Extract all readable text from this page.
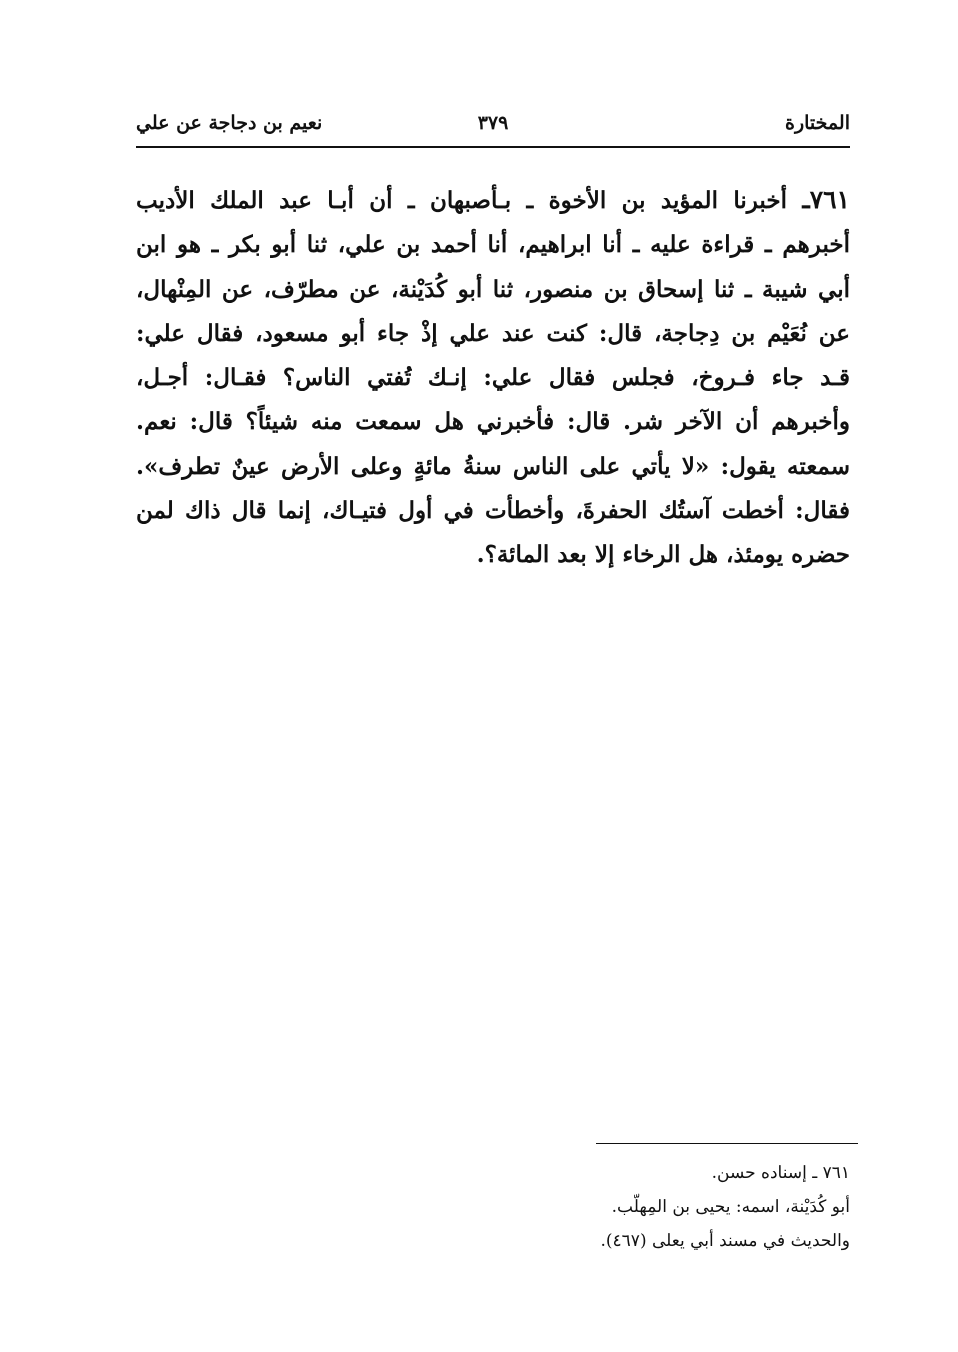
المختارة
٣٧٩
نعيم بن دجاجة عن علي
٧٦١ـ أخبرنا المؤيد بن الأخوة ـ بـأصبهان ـ أن أبـا عبد الملك الأديب
أخبرهم ـ قراءة عليه ـ أنا ابراهيم، أنا أحمد بن علي، ثنا أبو بكر ـ هو ابن
أبي شيبة ـ ثنا إسحاق بن منصور، ثنا أبو كُدَيْنة، عن مطرّف، عن المِنْهال،
عن نُعَيْم بن دِجاجة، قال: كنت عند علي إذْ جاء أبو مسعود، فقال علي:
قـد جاء فـروخ، فجلس فقال علي: إنـك تُفتي الناس؟ فقـال: أجـل،
وأخبرهم أن الآخر شر. قال: فأخبرني هل سمعت منه شيئاً؟ قال: نعم.
سمعته يقول: «لا يأتي على الناس سنةُ مائةٍ وعلى الأرض عينٌ تطرف».
فقال: أخطت آستُك الحفرةَ، وأخطأت في أول فتيـاك، إنما قال ذاك لمن
حضره يومئذ، هل الرخاء إلا بعد المائة؟.
٧٦١ ـ إسناده حسن.
أبو كُدَيْنة، اسمه: يحيى بن المِهلّب.
والحديث في مسند أبي يعلى (٤٦٧).
